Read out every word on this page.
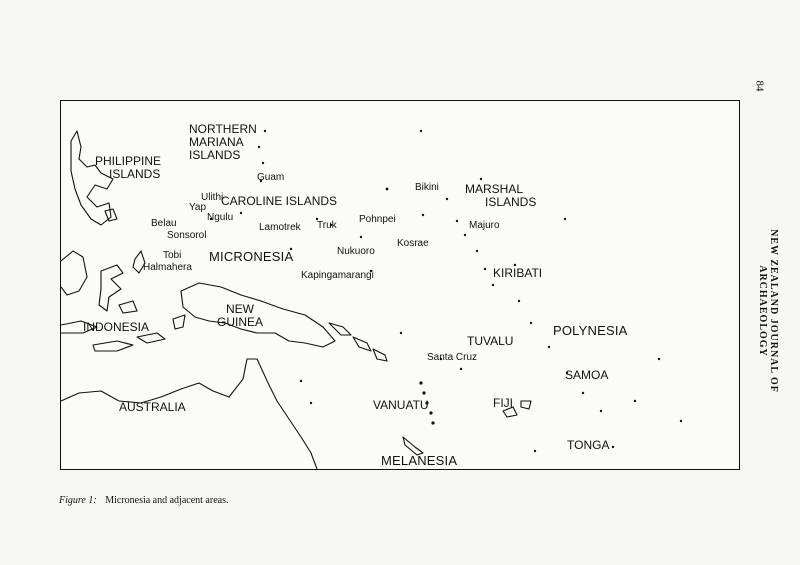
84
NEW ZEALAND JOURNAL OF ARCHAEOLOGY
NORTHERN
MARIANA
ISLANDS
PHILIPPINE
ISLANDS
CAROLINE ISLANDS
MARSHAL
ISLANDS
MICRONESIA
KIRIBATI
NEW
GUINEA
INDONESIA	POLYNESIA
TUVALU
SAMOA
AUSTRALIA	VANUATU	FIJI
TONGA
MELANESIA
Guam
Ulithi
Yap
Ngulu
Belau
Sonsorol
Tobi
Halmahera
Lamotrek Truk
Pohnpei
Bikini
Majuro
Kosrae
Nukuoro
Kapingamarangi
Santa Cruz
Figure 1: Micronesia and adjacent areas.
